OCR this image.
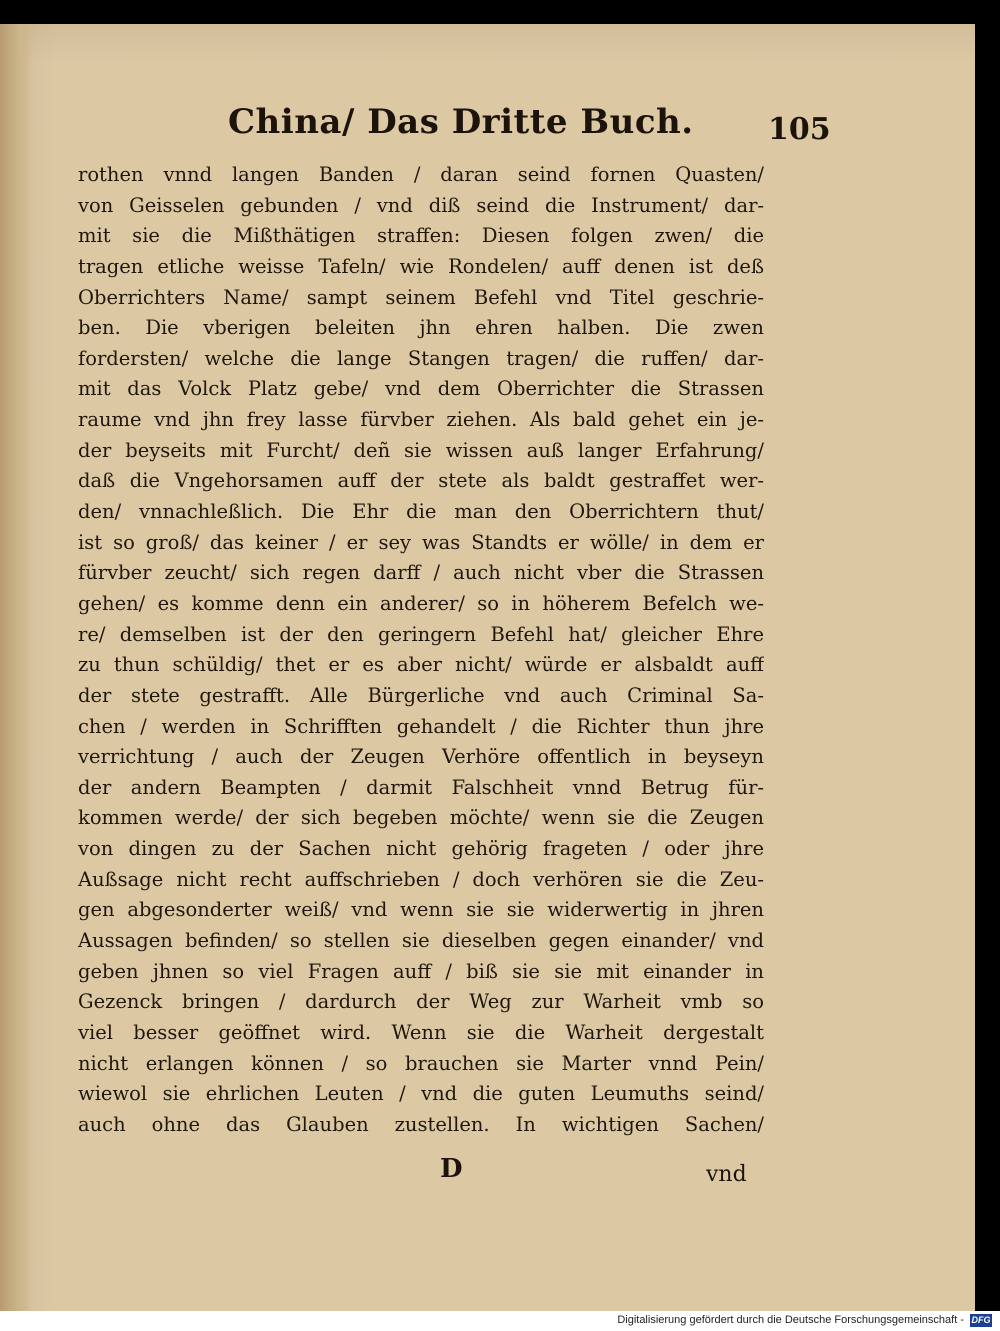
China/ Das Dritte Buch. 105
rothen vnnd langen Banden / daran seind fornen Quasten/
von Geisselen gebunden / vnd diß seind die Instrument/ dar-
mit sie die Mißthätigen straffen: Diesen folgen zwen/ die
tragen etliche weisse Tafeln/ wie Rondelen/ auff denen ist deß
Oberrichters Name/ sampt seinem Befehl vnd Titel geschrie-
ben. Die vberigen beleiten jhn ehren halben. Die zwen
fordersten/ welche die lange Stangen tragen/ die ruffen/ dar-
mit das Volck Platz gebe/ vnd dem Oberrichter die Strassen
raume vnd jhn frey lasse fürvber ziehen. Als bald gehet ein je-
der beyseits mit Furcht/ deñ sie wissen auß langer Erfahrung/
daß die Vngehorsamen auff der stete als baldt gestraffet wer-
den/ vnnachleßlich. Die Ehr die man den Oberrichtern thut/
ist so groß/ das keiner / er sey was Standts er wölle/ in dem er
fürvber zeucht/ sich regen darff / auch nicht vber die Strassen
gehen/ es komme denn ein anderer/ so in höherem Befelch we-
re/ demselben ist der den geringern Befehl hat/ gleicher Ehre
zu thun schüldig/ thet er es aber nicht/ würde er alsbaldt auff
der stete gestrafft. Alle Bürgerliche vnd auch Criminal Sa-
chen / werden in Schrifften gehandelt / die Richter thun jhre
verrichtung / auch der Zeugen Verhöre offentlich in beyseyn
der andern Beampten / darmit Falschheit vnnd Betrug für-
kommen werde/ der sich begeben möchte/ wenn sie die Zeugen
von dingen zu der Sachen nicht gehörig frageten / oder jhre
Außsage nicht recht auffschrieben / doch verhören sie die Zeu-
gen abgesonderter weiß/ vnd wenn sie sie widerwertig in jhren
Aussagen befinden/ so stellen sie dieselben gegen einander/ vnd
geben jhnen so viel Fragen auff / biß sie sie mit einander in
Gezenck bringen / dardurch der Weg zur Warheit vmb so
viel besser geöffnet wird. Wenn sie die Warheit dergestalt
nicht erlangen können / so brauchen sie Marter vnnd Pein/
wiewol sie ehrlichen Leuten / vnd die guten Leumuths seind/
auch ohne das Glauben zustellen. In wichtigen Sachen/
D	vnd
Digitalisierung gefördert durch die Deutsche Forschungsgemeinschaft - DFG
